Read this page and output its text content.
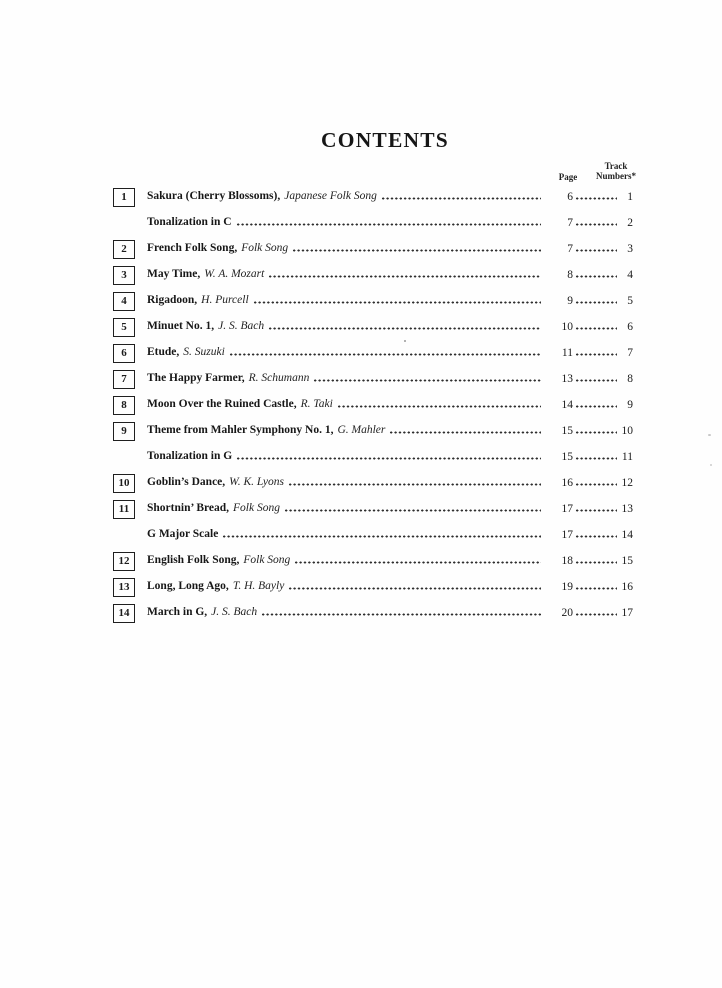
CONTENTS
Page
Track
Numbers*
1 Sakura (Cherry Blossoms), Japanese Folk Song	6	1
Tonalization in C	7	2
2 French Folk Song, Folk Song	7	3
3 May Time, W. A. Mozart	8	4
4 Rigadoon, H. Purcell	9	5
5 Minuet No. 1, J. S. Bach	10	6
6 Etude, S. Suzuki	11	7
7 The Happy Farmer, R. Schumann	13	8
8 Moon Over the Ruined Castle, R. Taki	14	9
9 Theme from Mahler Symphony No. 1, G. Mahler	15	10
Tonalization in G	15	11
10 Goblin’s Dance, W. K. Lyons	16	12
11 Shortnin’ Bread, Folk Song	17	13
G Major Scale	17	14
12 English Folk Song, Folk Song	18	15
13 Long, Long Ago, T. H. Bayly	19	16
14 March in G, J. S. Bach	20	17
